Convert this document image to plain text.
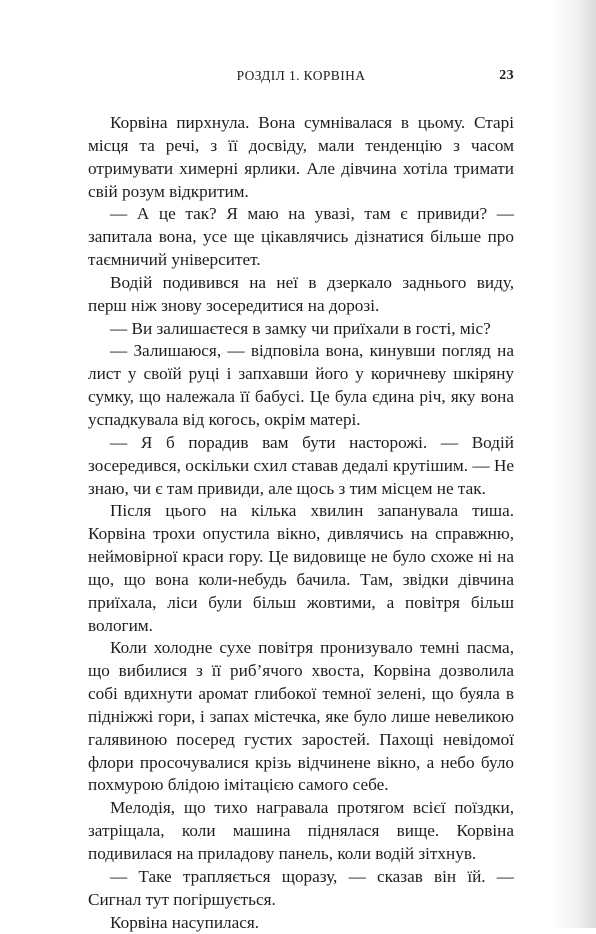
РОЗДІЛ 1. КОРВІНА	23

Корвіна пирхнула. Вона сумнівалася в цьому. Старі місця та речі, з її досвіду, мали тенденцію з часом отримувати химерні ярлики. Але дівчина хотіла тримати свій розум відкритим.

— А це так? Я маю на увазі, там є привиди? — запитала вона, усе ще цікавлячись дізнатися більше про таємничий університет.

Водій подивився на неї в дзеркало заднього виду, перш ніж знову зосередитися на дорозі.

— Ви залишаєтеся в замку чи приїхали в гості, міс?

— Залишаюся, — відповіла вона, кинувши погляд на лист у своїй руці і запхавши його у коричневу шкіряну сумку, що належала її бабусі. Це була єдина річ, яку вона успадкувала від когось, окрім матері.

— Я б порадив вам бути насторожі. — Водій зосередився, оскільки схил ставав дедалі крутішим. — Не знаю, чи є там привиди, але щось з тим місцем не так.

Після цього на кілька хвилин запанувала тиша. Корвіна трохи опустила вікно, дивлячись на справжню, неймовірної краси гору. Це видовище не було схоже ні на що, що вона коли-небудь бачила. Там, звідки дівчина приїхала, ліси були більш жовтими, а повітря більш вологим.

Коли холодне сухе повітря пронизувало темні пасма, що вибилися з її риб’ячого хвоста, Корвіна дозволила собі вдихнути аромат глибокої темної зелені, що буяла в підніжжі гори, і запах містечка, яке було лише невеликою галявиною посеред густих заростей. Пахощі невідомої флори просочувалися крізь відчинене вікно, а небо було похмурою блідою імітацією самого себе.

Мелодія, що тихо награвала протягом всієї поїздки, затріщала, коли машина піднялася вище. Корвіна подивилася на приладову панель, коли водій зітхнув.

— Таке трапляється щоразу, — сказав він їй. — Сигнал тут погіршується.

Корвіна насупилася.
